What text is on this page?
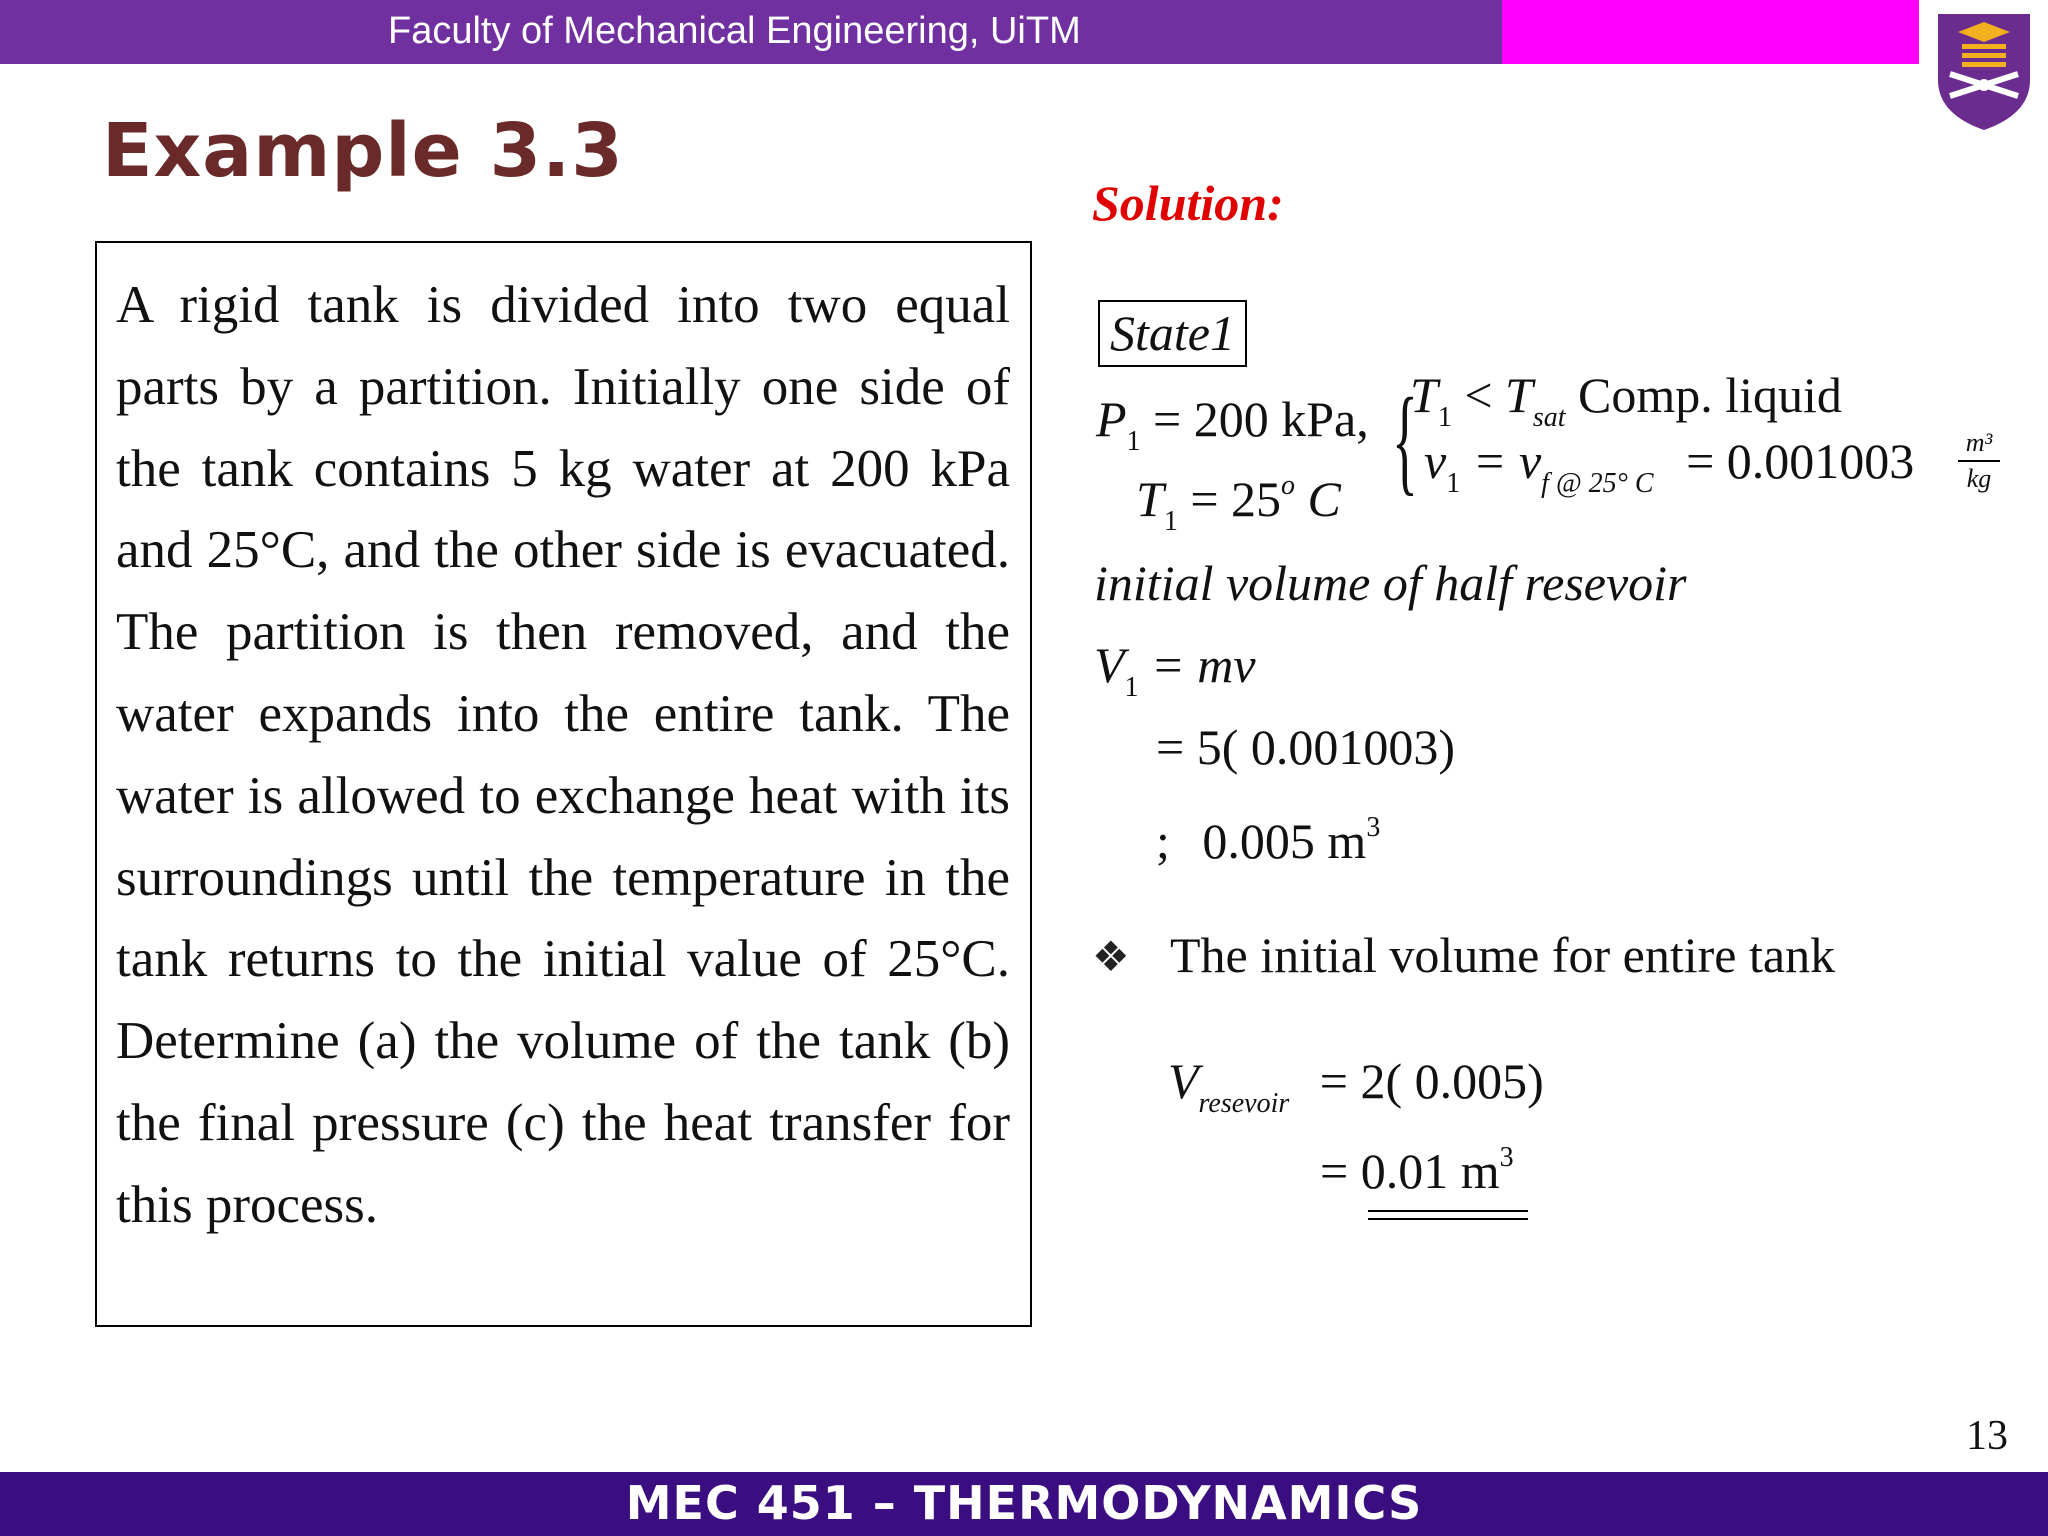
Faculty of Mechanical Engineering, UiTM
Example 3.3
A rigid tank is divided into two equal parts by a partition. Initially one side of the tank contains 5 kg water at 200 kPa and 25°C, and the other side is evacuated. The partition is then removed, and the water expands into the entire tank. The water is allowed to exchange heat with its surroundings until the temperature in the tank returns to the initial value of 25°C. Determine (a) the volume of the tank (b) the final pressure (c) the heat transfer for this process.
Solution:
State1
$P_1 = 200$ kPa,
$T_1 = 25^o$ C {
$T_1 < T_{sat}$ Comp. liquid
$v_1 = v_{f @ 25^\circ C} = 0.001003$ m³
kg
initial volume of half resevoir
$V_1$ = mv
= 5( 0.001003)
; 0.005 $m^3$
❖ The initial volume for entire tank
$V_{resevoir} = 2$( 0.005)
= 0.01 $m^3$
13
MEC 451 – THERMODYNAMICS
